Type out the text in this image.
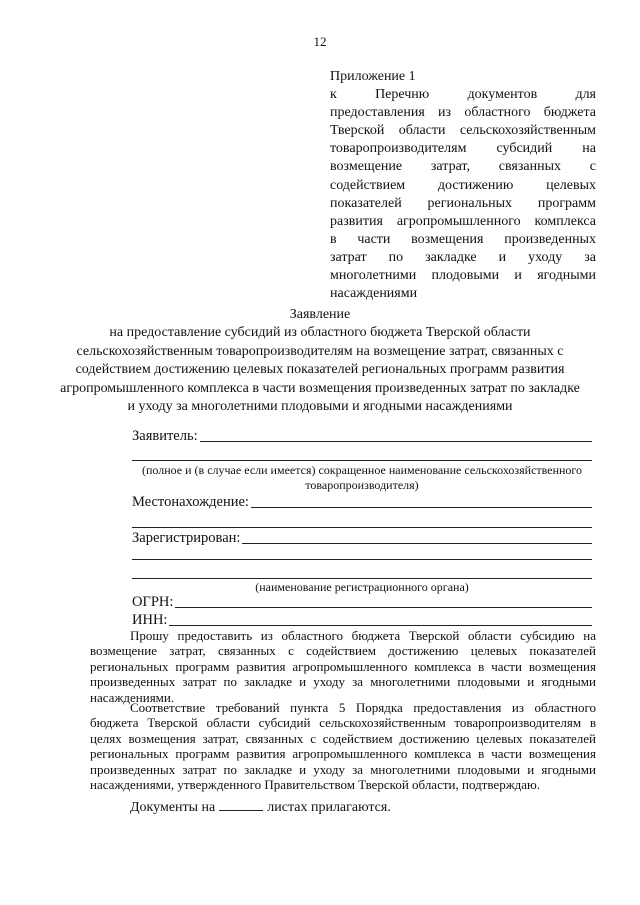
12
Приложение 1
к Перечню документов для
предоставления из областного бюджета
Тверской области сельскохозяйственным
товаропроизводителям субсидий на
возмещение затрат, связанных с
содействием достижению целевых
показателей региональных программ
развития агропромышленного комплекса
в части возмещения произведенных
затрат по закладке и уходу за
многолетними плодовыми и ягодными
насаждениями
Заявление
на предоставление субсидий из областного бюджета Тверской области сельскохозяйственным товаропроизводителям на возмещение затрат, связанных с содействием достижению целевых показателей региональных программ развития агропромышленного комплекса в части возмещения произведенных затрат по закладке и уходу за многолетними плодовыми и ягодными насаждениями
Заявитель:
(полное и (в случае если имеется) сокращенное наименование сельскохозяйственного товаропроизводителя)
Местонахождение:
Зарегистрирован:
(наименование регистрационного органа)
ОГРН:
ИНН:
Прошу предоставить из областного бюджета Тверской области субсидию на возмещение затрат, связанных с содействием достижению целевых показателей региональных программ развития агропромышленного комплекса в части возмещения произведенных затрат по закладке и уходу за многолетними плодовыми и ягодными насаждениями.
Соответствие требований пункта 5 Порядка предоставления из областного бюджета Тверской области субсидий сельскохозяйственным товаропроизводителям в целях возмещения затрат, связанных с содействием достижению целевых показателей региональных программ развития агропромышленного комплекса в части возмещения произведенных затрат по закладке и уходу за многолетними плодовыми и ягодными насаждениями, утвержденного Правительством Тверской области, подтверждаю.
Документы на	листах прилагаются.
